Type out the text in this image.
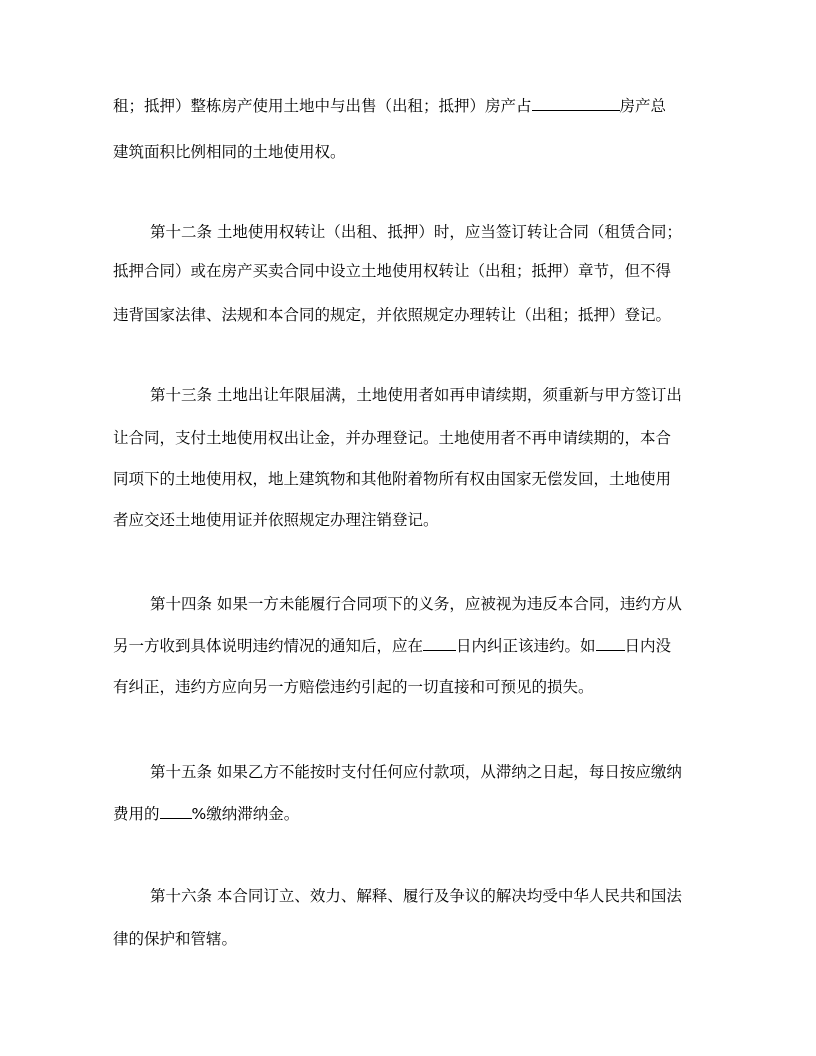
租；抵押）整栋房产使用土地中与出售（出租；抵押）房产占	房产总
建筑面积比例相同的土地使用权。
第十二条 土地使用权转让（出租、抵押）时，应当签订转让合同（租赁合同；
抵押合同）或在房产买卖合同中设立土地使用权转让（出租；抵押）章节，但不得
违背国家法律、法规和本合同的规定，并依照规定办理转让（出租；抵押）登记。
第十三条 土地出让年限届满，土地使用者如再申请续期，须重新与甲方签订出
让合同，支付土地使用权出让金，并办理登记。土地使用者不再申请续期的，本合
同项下的土地使用权，地上建筑物和其他附着物所有权由国家无偿发回，土地使用
者应交还土地使用证并依照规定办理注销登记。
第十四条 如果一方未能履行合同项下的义务，应被视为违反本合同，违约方从
另一方收到具体说明违约情况的通知后，应在 日内纠正该违约。如 日内没
有纠正，违约方应向另一方赔偿违约引起的一切直接和可预见的损失。
第十五条 如果乙方不能按时支付任何应付款项，从滞纳之日起，每日按应缴纳
费用的 %缴纳滞纳金。
第十六条 本合同订立、效力、解释、履行及争议的解决均受中华人民共和国法
律的保护和管辖。
